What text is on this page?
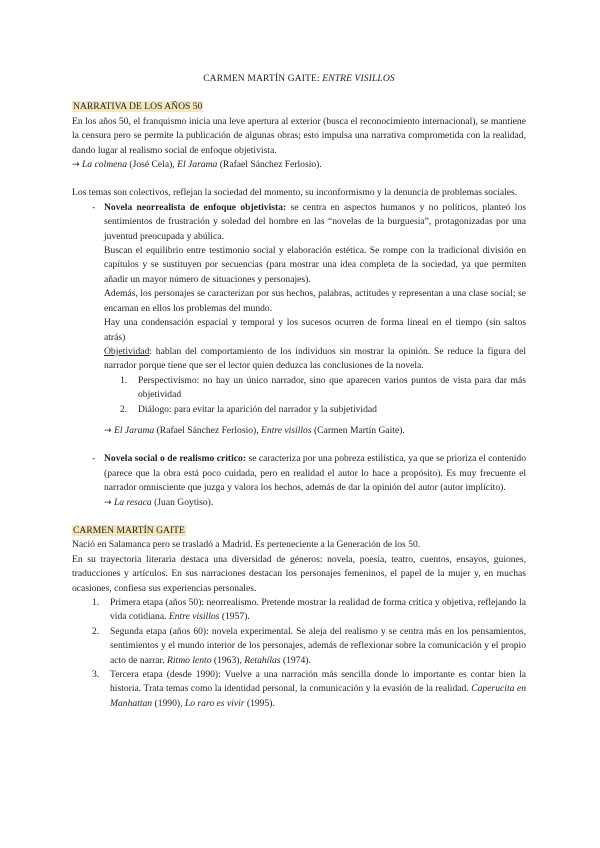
CARMEN MARTÍN GAITE: ENTRE VISILLOS

NARRATIVA DE LOS AÑOS 50

En los años 50, el franquismo inicia una leve apertura al exterior (busca el reconocimiento internacional), se mantiene la censura pero se permite la publicación de algunas obras; esto impulsa una narrativa comprometida con la realidad, dando lugar al realismo social de enfoque objetivista.

→ La colmena (José Cela), El Jarama (Rafael Sánchez Ferlosio).

Los temas son colectivos, reflejan la sociedad del momento, su inconformismo y la denuncia de problemas sociales.

- Novela neorrealista de enfoque objetivista: se centra en aspectos humanos y no políticos, planteó los sentimientos de frustración y soledad del hombre en las “novelas de la burguesía”, protagonizadas por una juventud preocupada y abúlica.

Buscan el equilibrio entre testimonio social y elaboración estética. Se rompe con la tradicional división en capítulos y se sustituyen por secuencias (para mostrar una idea completa de la sociedad, ya que permiten añadir un mayor número de situaciones y personajes).

Además, los personajes se caracterizan por sus hechos, palabras, actitudes y representan a una clase social; se encarnan en ellos los problemas del mundo.

Hay una condensación espacial y temporal y los sucesos ocurren de forma lineal en el tiempo (sin saltos atrás)

Objetividad: hablan del comportamiento de los individuos sin mostrar la opinión. Se reduce la figura del narrador porque tiene que ser el lector quien deduzca las conclusiones de la novela.

1.	Perspectivismo: no hay un único narrador, sino que aparecen varios puntos de vista para dar más objetividad
2.	Diálogo: para evitar la aparición del narrador y la subjetividad

→ El Jarama (Rafael Sánchez Ferlosio), Entre visillos (Carmen Martín Gaite).

- Novela social o de realismo crítico: se caracteriza por una pobreza estilística, ya que se prioriza el contenido (parece que la obra está poco cuidada, pero en realidad el autor lo hace a propósito). Es muy frecuente el narrador omnisciente que juzga y valora los hechos, además de dar la opinión del autor (autor implícito).

→ La resaca (Juan Goytiso).

CARMEN MARTÍN GAITE

Nació en Salamanca pero se trasladó a Madrid. Es perteneciente a la Generación de los 50.

En su trayectoria literaria destaca una diversidad de géneros: novela, poesía, teatro, cuentos, ensayos, guiones, traducciones y artículos. En sus narraciones destacan los personajes femeninos, el papel de la mujer y, en muchas ocasiones, confiesa sus experiencias personales.

1.	Primera etapa (años 50): neorrealismo. Pretende mostrar la realidad de forma crítica y objetiva, reflejando la vida cotidiana. Entre visillos (1957).
2.	Segunda etapa (años 60): novela experimental. Se aleja del realismo y se centra más en los pensamientos, sentimientos y el mundo interior de los personajes, además de reflexionar sobre la comunicación y el propio acto de narrar. Ritmo lento (1963), Retahílas (1974).
3.	Tercera etapa (desde 1990): Vuelve a una narración más sencilla donde lo importante es contar bien la historia. Trata temas como la identidad personal, la comunicación y la evasión de la realidad. Caperucita en Manhattan (1990), Lo raro es vivir (1995).
